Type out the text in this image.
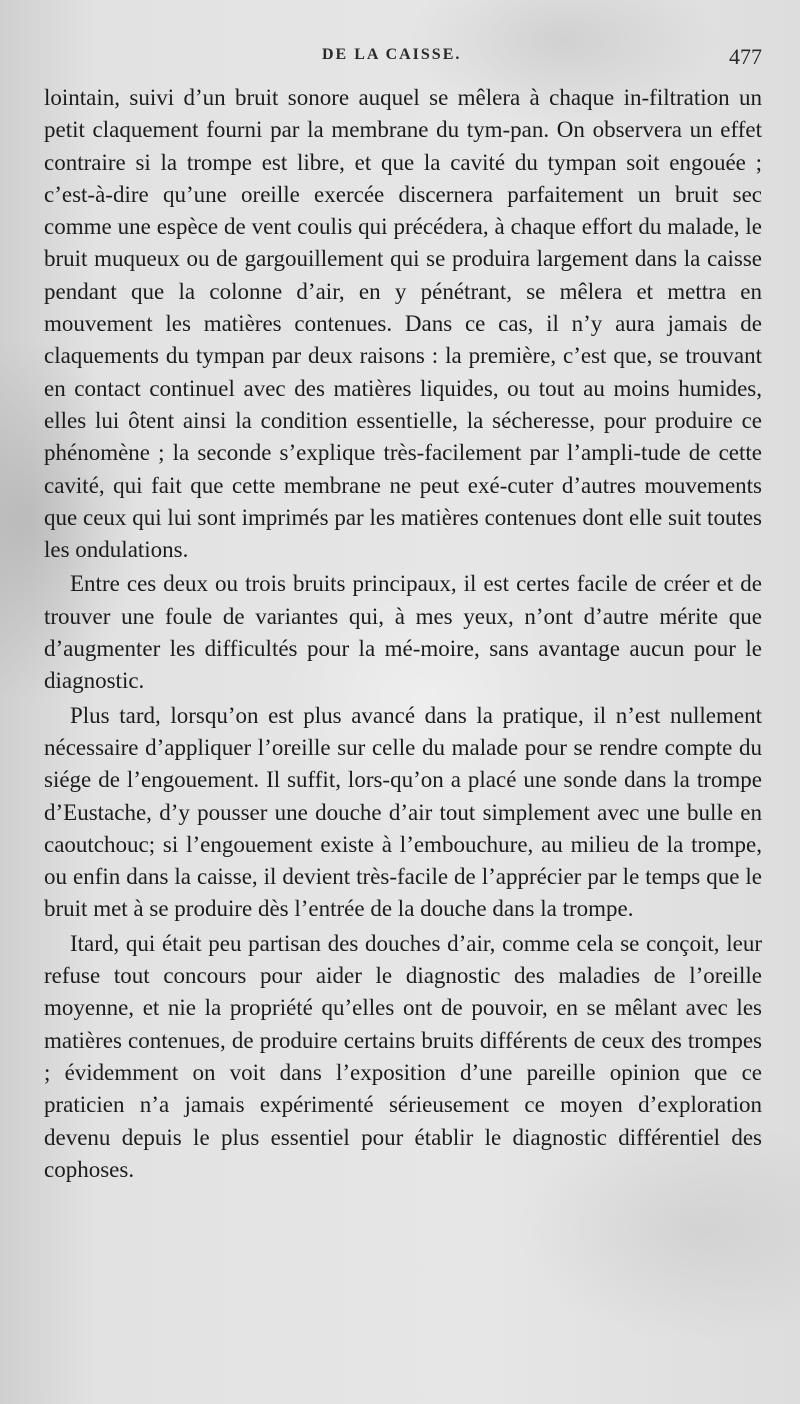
DE LA CAISSE.	477

lointain, suivi d’un bruit sonore auquel se mêlera à chaque in-filtration un petit claquement fourni par la membrane du tym-pan. On observera un effet contraire si la trompe est libre, et que la cavité du tympan soit engouée ; c’est-à-dire qu’une oreille exercée discernera parfaitement un bruit sec comme une espèce de vent coulis qui précédera, à chaque effort du malade, le bruit muqueux ou de gargouillement qui se produira largement dans la caisse pendant que la colonne d’air, en y pénétrant, se mêlera et mettra en mouvement les matières contenues. Dans ce cas, il n’y aura jamais de claquements du tympan par deux raisons : la première, c’est que, se trouvant en contact continuel avec des matières liquides, ou tout au moins humides, elles lui ôtent ainsi la condition essentielle, la sécheresse, pour produire ce phénomène ; la seconde s’explique très-facilement par l’ampli-tude de cette cavité, qui fait que cette membrane ne peut exé-cuter d’autres mouvements que ceux qui lui sont imprimés par les matières contenues dont elle suit toutes les ondulations.

Entre ces deux ou trois bruits principaux, il est certes facile de créer et de trouver une foule de variantes qui, à mes yeux, n’ont d’autre mérite que d’augmenter les difficultés pour la mé-moire, sans avantage aucun pour le diagnostic.

Plus tard, lorsqu’on est plus avancé dans la pratique, il n’est nullement nécessaire d’appliquer l’oreille sur celle du malade pour se rendre compte du siége de l’engouement. Il suffit, lors-qu’on a placé une sonde dans la trompe d’Eustache, d’y pousser une douche d’air tout simplement avec une bulle en caoutchouc; si l’engouement existe à l’embouchure, au milieu de la trompe, ou enfin dans la caisse, il devient très-facile de l’apprécier par le temps que le bruit met à se produire dès l’entrée de la douche dans la trompe.

Itard, qui était peu partisan des douches d’air, comme cela se conçoit, leur refuse tout concours pour aider le diagnostic des maladies de l’oreille moyenne, et nie la propriété qu’elles ont de pouvoir, en se mêlant avec les matières contenues, de produire certains bruits différents de ceux des trompes ; évidemment on voit dans l’exposition d’une pareille opinion que ce praticien n’a jamais expérimenté sérieusement ce moyen d’exploration devenu depuis le plus essentiel pour établir le diagnostic différentiel des cophoses.
